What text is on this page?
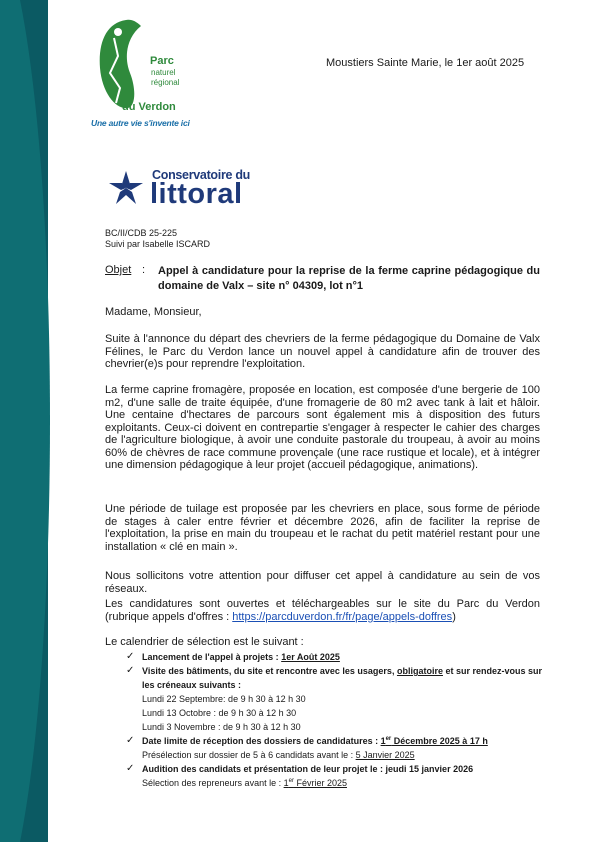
Parc
naturel
régional
du Verdon
Une autre vie s'invente ici
Moustiers Sainte Marie, le 1er août 2025
Conservatoire du
littoral
BC/II/CDB 25-225
Suivi par Isabelle ISCARD
Objet : Appel à candidature pour la reprise de la ferme caprine pédagogique du domaine de Valx – site n° 04309, lot n°1
Madame, Monsieur,
Suite à l'annonce du départ des chevriers de la ferme pédagogique du Domaine de Valx Félines, le Parc du Verdon lance un nouvel appel à candidature afin de trouver des chevrier(e)s pour reprendre l'exploitation.
La ferme caprine fromagère, proposée en location, est composée d'une bergerie de 100 m2, d'une salle de traite équipée, d'une fromagerie de 80 m2 avec tank à lait et hâloir. Une centaine d'hectares de parcours sont également mis à disposition des futurs exploitants. Ceux-ci doivent en contrepartie s'engager à respecter le cahier des charges de l'agriculture biologique, à avoir une conduite pastorale du troupeau, à avoir au moins 60% de chèvres de race commune provençale (une race rustique et locale), et à intégrer une dimension pédagogique à leur projet (accueil pédagogique, animations).
Une période de tuilage est proposée par les chevriers en place, sous forme de période de stages à caler entre février et décembre 2026, afin de faciliter la reprise de l'exploitation, la prise en main du troupeau et le rachat du petit matériel restant pour une installation « clé en main ».
Nous sollicitons votre attention pour diffuser cet appel à candidature au sein de vos réseaux.
Les candidatures sont ouvertes et téléchargeables sur le site du Parc du Verdon (rubrique appels d'offres : https://parcduverdon.fr/fr/page/appels-doffres)
Le calendrier de sélection est le suivant :
✓ Lancement de l'appel à projets : 1er Août 2025
✓ Visite des bâtiments, du site et rencontre avec les usagers, obligatoire et sur rendez-vous sur les créneaux suivants :
Lundi 22 Septembre: de 9 h 30 à 12 h 30
Lundi 13 Octobre : de 9 h 30 à 12 h 30
Lundi 3 Novembre : de 9 h 30 à 12 h 30
✓ Date limite de réception des dossiers de candidatures : 1er Décembre 2025 à 17 h
Présélection sur dossier de 5 à 6 candidats avant le : 5 Janvier 2025
✓ Audition des candidats et présentation de leur projet le : jeudi 15 janvier 2026
Sélection des repreneurs avant le : 1er Février 2025
